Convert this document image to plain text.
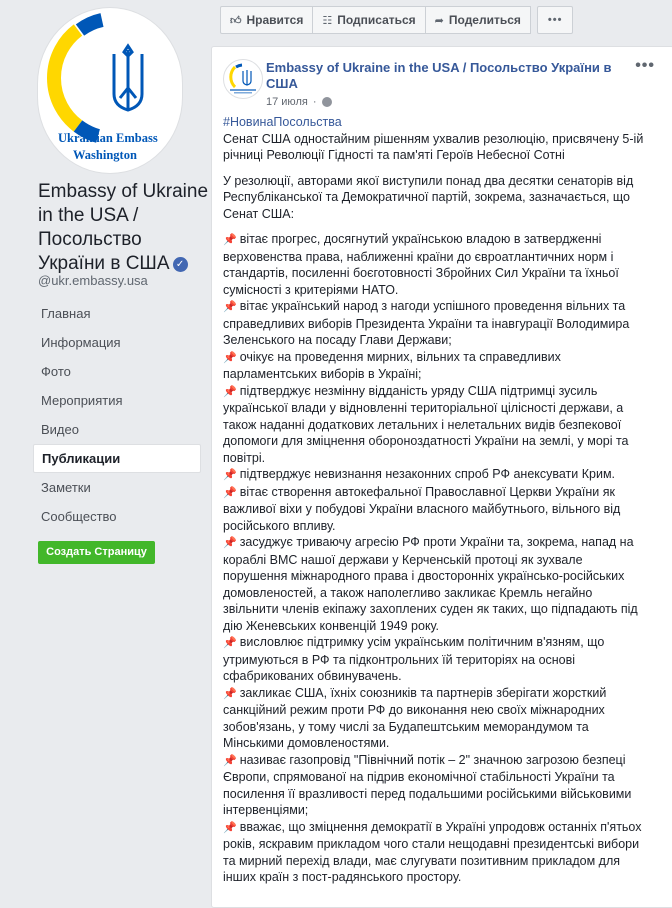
Ukrainian Embass
Washington
Embassy of Ukraine in the USA / Посольство України в США ✓
@ukr.embassy.usa
Главная
Информация
Фото
Мероприятия
Видео
Публикации
Заметки
Сообщество
Создать Страницу
👍︎ Нравится ☷ Подписаться ➦ Поделиться •••
Embassy of Ukraine in the USA / Посольство України в США
17 июля ·
•••
#НовинаПосольства

Сенат США одностайним рішенням ухвалив резолюцію, присвячену 5-ій річниці Революції Гідності та пам'яті Героїв Небесної Сотні

У резолюції, авторами якої виступили понад два десятки сенаторів від Республіканської та Демократичної партій, зокрема, зазначається, що Сенат США:

📌 вітає прогрес, досягнутий українською владою в затвердженні верховенства права, наближенні країни до євроатлантичних норм і стандартів, посиленні боєготовності Збройних Сил України та їхньої сумісності з критеріями НАТО.

📌 вітає український народ з нагоди успішного проведення вільних та справедливих виборів Президента України та інавгурації Володимира Зеленського на посаду Глави Держави;

📌 очікує на проведення мирних, вільних та справедливих парламентських виборів в Україні;

📌 підтверджує незмінну відданість уряду США підтримці зусиль української влади у відновленні територіальної цілісності держави, а також наданні додаткових летальних і нелетальних видів безпекової допомоги для зміцнення обороноздатності України на землі, у морі та повітрі.

📌 підтверджує невизнання незаконних спроб РФ анексувати Крим.

📌 вітає створення автокефальної Православної Церкви України як важливої віхи у побудові України власного майбутнього, вільного від російського впливу.

📌 засуджує триваючу агресію РФ проти України та, зокрема, напад на кораблі ВМС нашої держави у Керченській протоці як зухвале порушення міжнародного права і двосторонніх українсько-російських домовленостей, а також наполегливо закликає Кремль негайно звільнити членів екіпажу захоплених суден як таких, що підпадають під дію Женевських конвенцій 1949 року.

📌 висловлює підтримку усім українським політичним в'язням, що утримуються в РФ та підконтрольних їй територіях на основі сфабрикованих обвинувачень.

📌 закликає США, їхніх союзників та партнерів зберігати жорсткий санкційний режим проти РФ до виконання нею своїх міжнародних зобов'язань, у тому числі за Будапештським меморандумом та Мінськими домовленостями.

📌 називає газопровід "Північний потік – 2" значною загрозою безпеці Європи, спрямованої на підрив економічної стабільності України та посилення її вразливості перед подальшими російськими військовими інтервенціями;

📌 вважає, що зміцнення демократії в Україні упродовж останніх п'ятьох років, яскравим прикладом чого стали нещодавні президентські вибори та мирний перехід влади, має слугувати позитивним прикладом для інших країн з пост-радянського простору.
